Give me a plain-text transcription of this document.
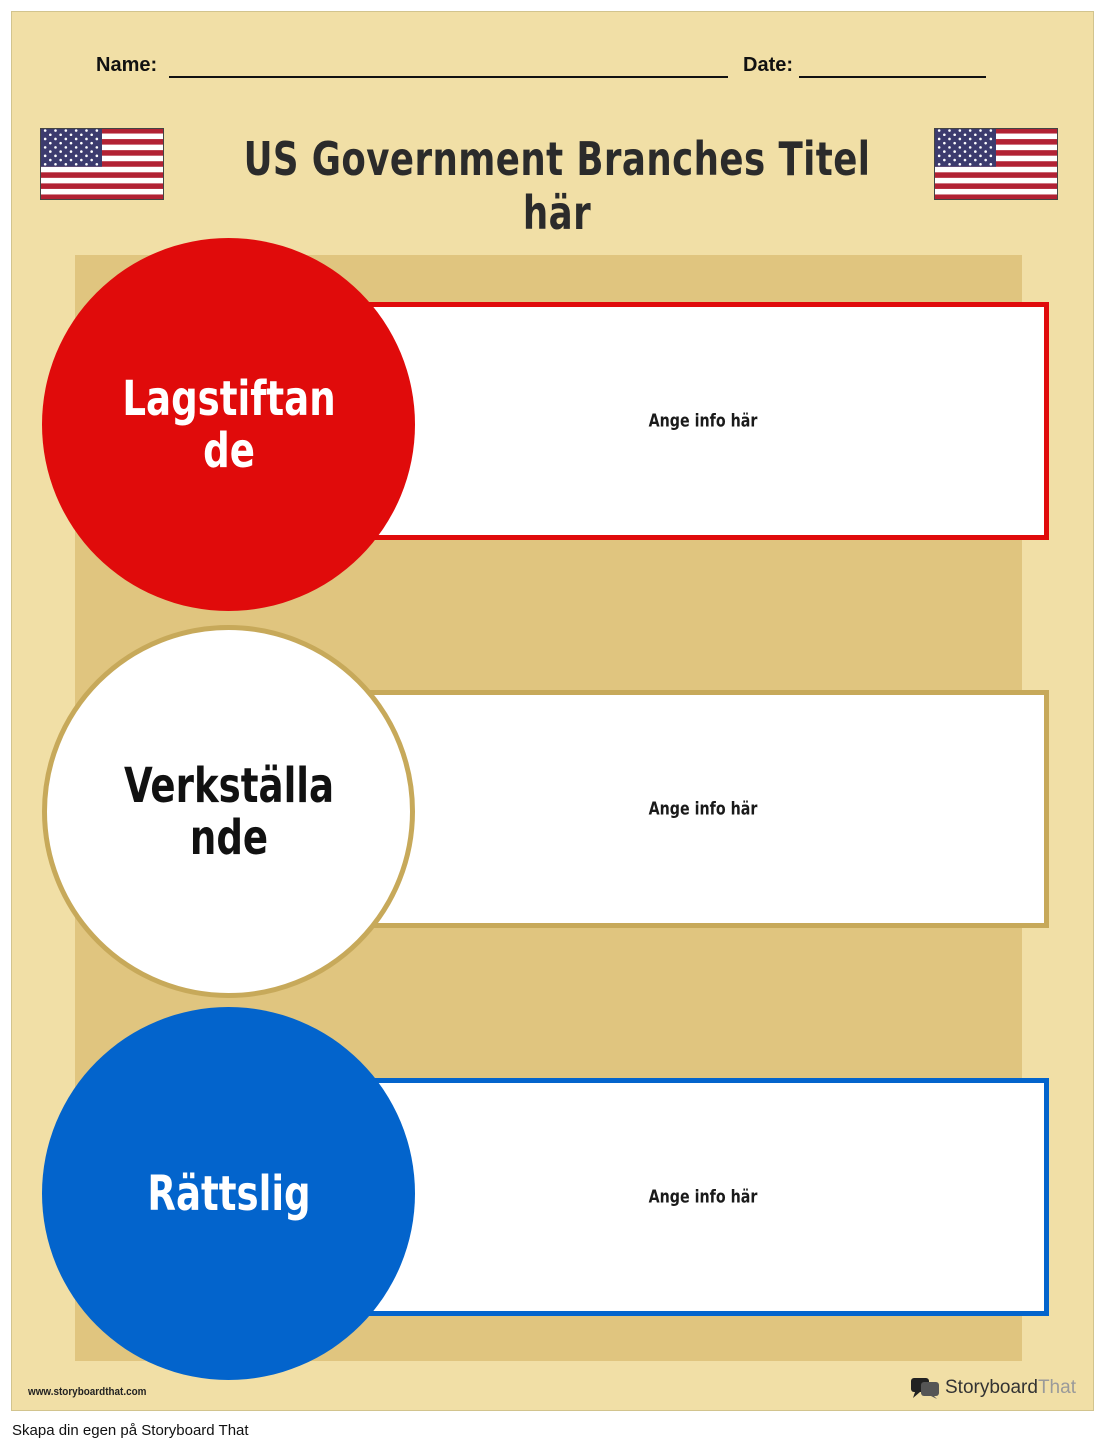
Name:	Date:
US Government Branches Titel här
Ange info här
Ange info här
Ange info här
Lagstiftande
Verkställande
Rättslig
www.storyboardthat.com	StoryboardThat
Skapa din egen på Storyboard That
